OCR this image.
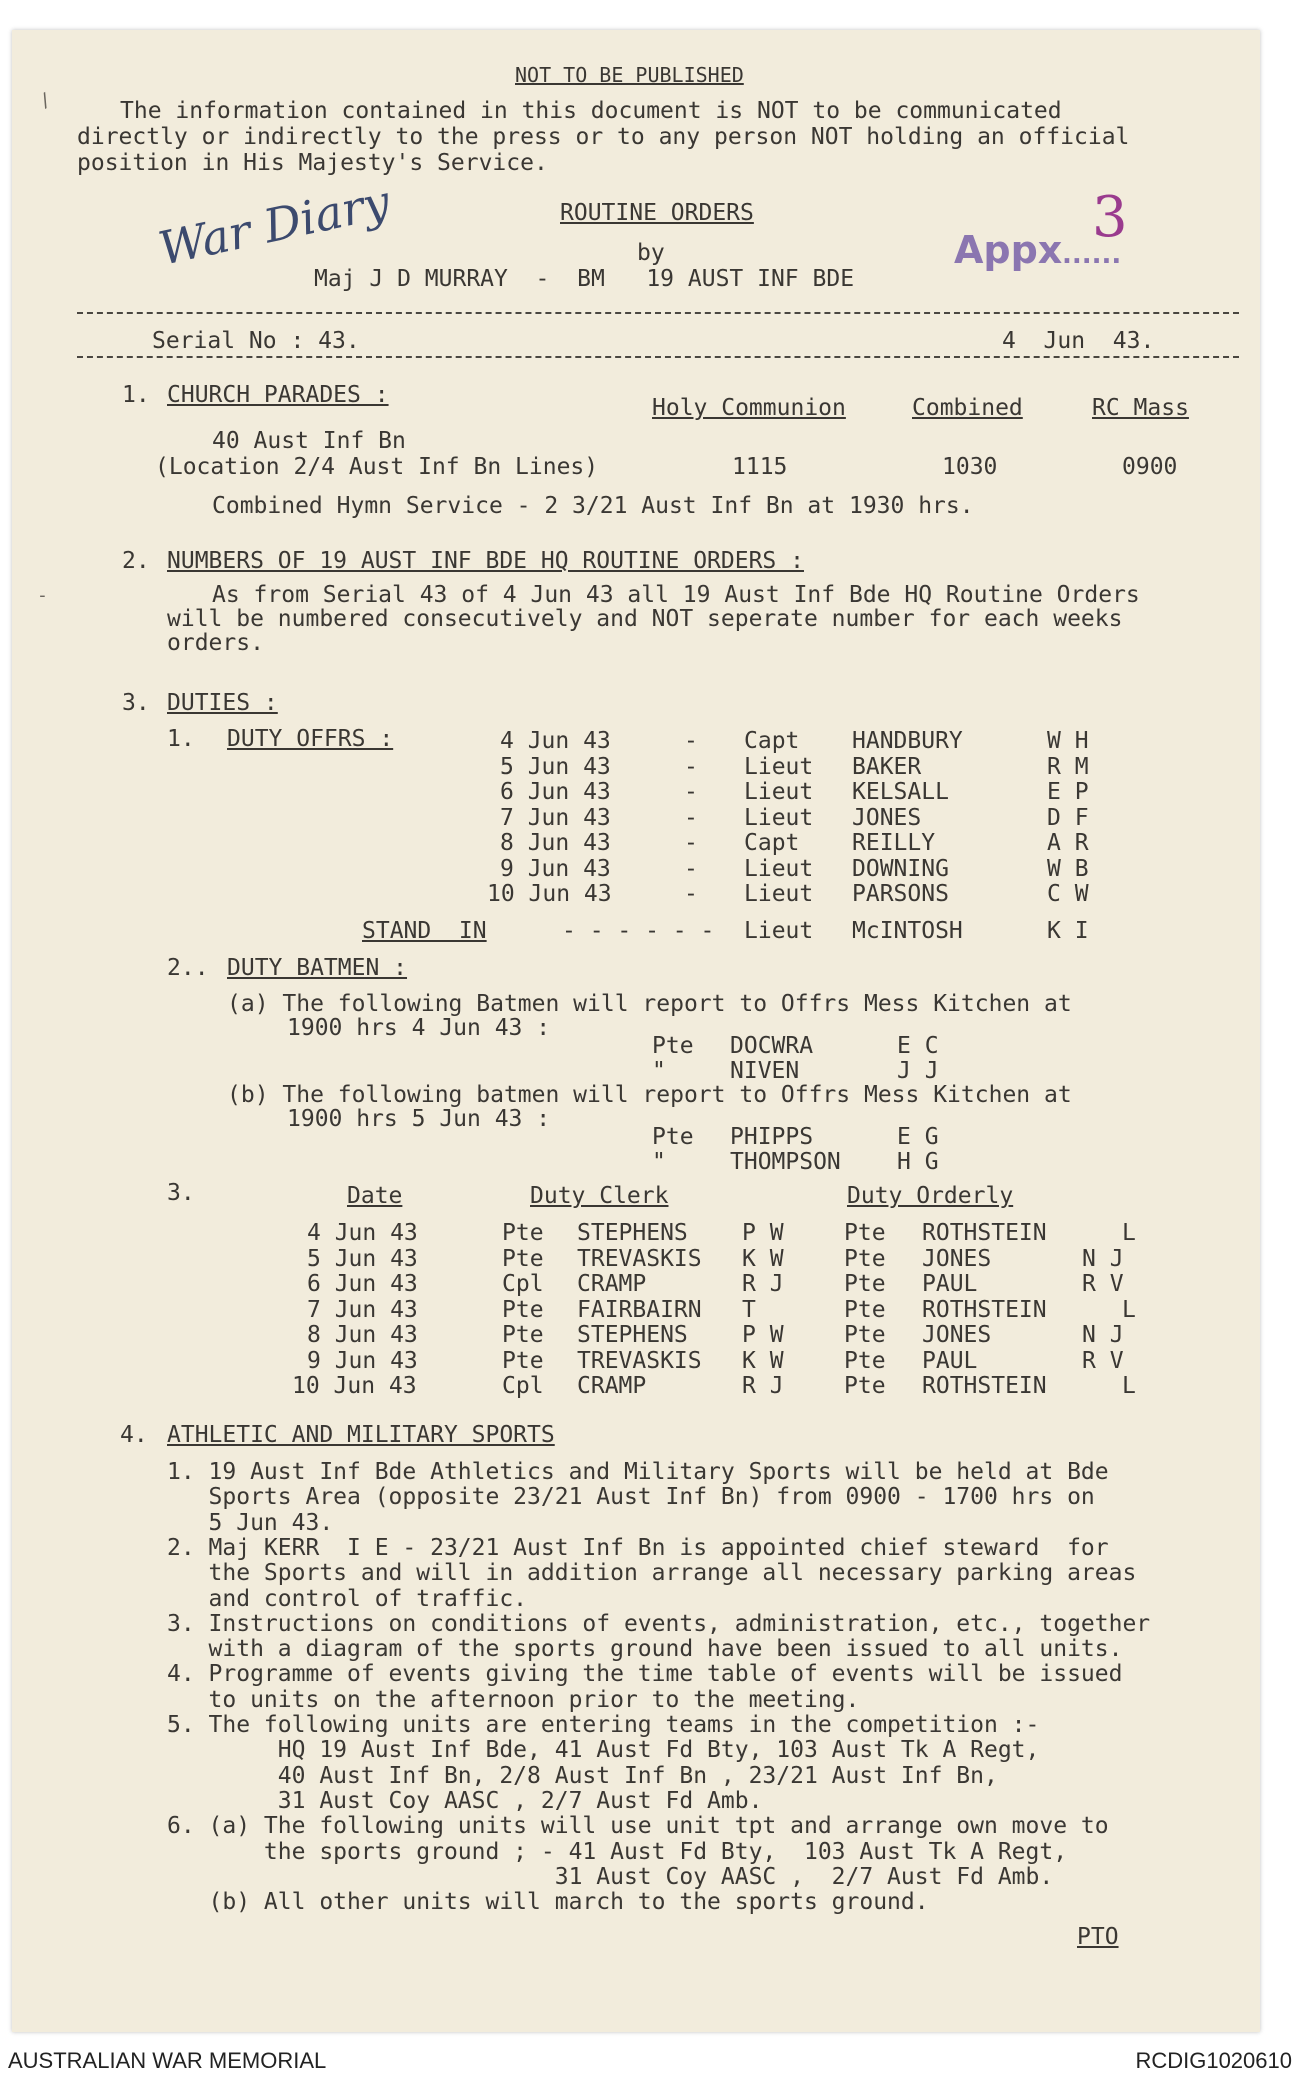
NOT TO BE PUBLISHED
The information contained in this document is NOT to be communicated
directly or indirectly to the press or to any person NOT holding an official
position in His Majesty's Service.
War Diary	Appx ......
3
ROUTINE ORDERS
by
Maj J D MURRAY  -  BM   19 AUST INF BDE
Serial No : 43.	4  Jun  43.
1. CHURCH PARADES :	Holy Communion	Combined	RC Mass
40 Aust Inf Bn
(Location 2/4 Aust Inf Bn Lines)	1115	1030	0900
Combined Hymn Service - 2 3/21 Aust Inf Bn at 1930 hrs.
2. NUMBERS OF 19 AUST INF BDE HQ ROUTINE ORDERS :
As from Serial 43 of 4 Jun 43 all 19 Aust Inf Bde HQ Routine Orders
will be numbered consecutively and NOT seperate number for each weeks
orders.
3. DUTIES :
1. DUTY OFFRS :	4 Jun 43	- Capt HANDBURY	W H
5 Jun 43	- Lieut BAKER	R M
6 Jun 43	- Lieut KELSALL	E P
7 Jun 43	- Lieut JONES	D F
8 Jun 43	- Capt REILLY	A R
9 Jun 43	- Lieut DOWNING	W B
10 Jun 43	- Lieut PARSONS	C W
STAND  IN	- - - - - - Lieut McINTOSH	K I
2.. DUTY BATMEN :
(a) The following Batmen will report to Offrs Mess Kitchen at
1900 hrs 4 Jun 43 :
Pte DOCWRA	E C
"	NIVEN	J J
(b) The following batmen will report to Offrs Mess Kitchen at
1900 hrs 5 Jun 43 :
Pte PHIPPS	E G
"	THOMPSON H G
3.	Date	Duty Clerk	Duty Orderly
4 Jun 43	Pte STEPHENS P W	Pte ROTHSTEIN	L
5 Jun 43	Pte TREVASKIS K W	Pte JONES	N J
6 Jun 43	Cpl CRAMP	R J	Pte PAUL	R V
7 Jun 43	Pte FAIRBAIRN T	Pte ROTHSTEIN	L
8 Jun 43	Pte STEPHENS P W	Pte JONES	N J
9 Jun 43	Pte TREVASKIS K W	Pte PAUL	R V
10 Jun 43	Cpl CRAMP	R J	Pte ROTHSTEIN	L
4. ATHLETIC AND MILITARY SPORTS
1. 19 Aust Inf Bde Athletics and Military Sports will be held at Bde
Sports Area (opposite 23/21 Aust Inf Bn) from 0900 - 1700 hrs on
5 Jun 43.
2. Maj KERR  I E - 23/21 Aust Inf Bn is appointed chief steward  for
the Sports and will in addition arrange all necessary parking areas
and control of traffic.
3. Instructions on conditions of events, administration, etc., together
with a diagram of the sports ground have been issued to all units.
4. Programme of events giving the time table of events will be issued
to units on the afternoon prior to the meeting.
5. The following units are entering teams in the competition :-
HQ 19 Aust Inf Bde, 41 Aust Fd Bty, 103 Aust Tk A Regt,
40 Aust Inf Bn, 2/8 Aust Inf Bn , 23/21 Aust Inf Bn,
31 Aust Coy AASC , 2/7 Aust Fd Amb.
6. (a) The following units will use unit tpt and arrange own move to
the sports ground ; - 41 Aust Fd Bty,  103 Aust Tk A Regt,
31 Aust Coy AASC ,  2/7 Aust Fd Amb.
(b) All other units will march to the sports ground.
PTO
/
-
AUSTRALIAN WAR MEMORIAL	RCDIG1020610
